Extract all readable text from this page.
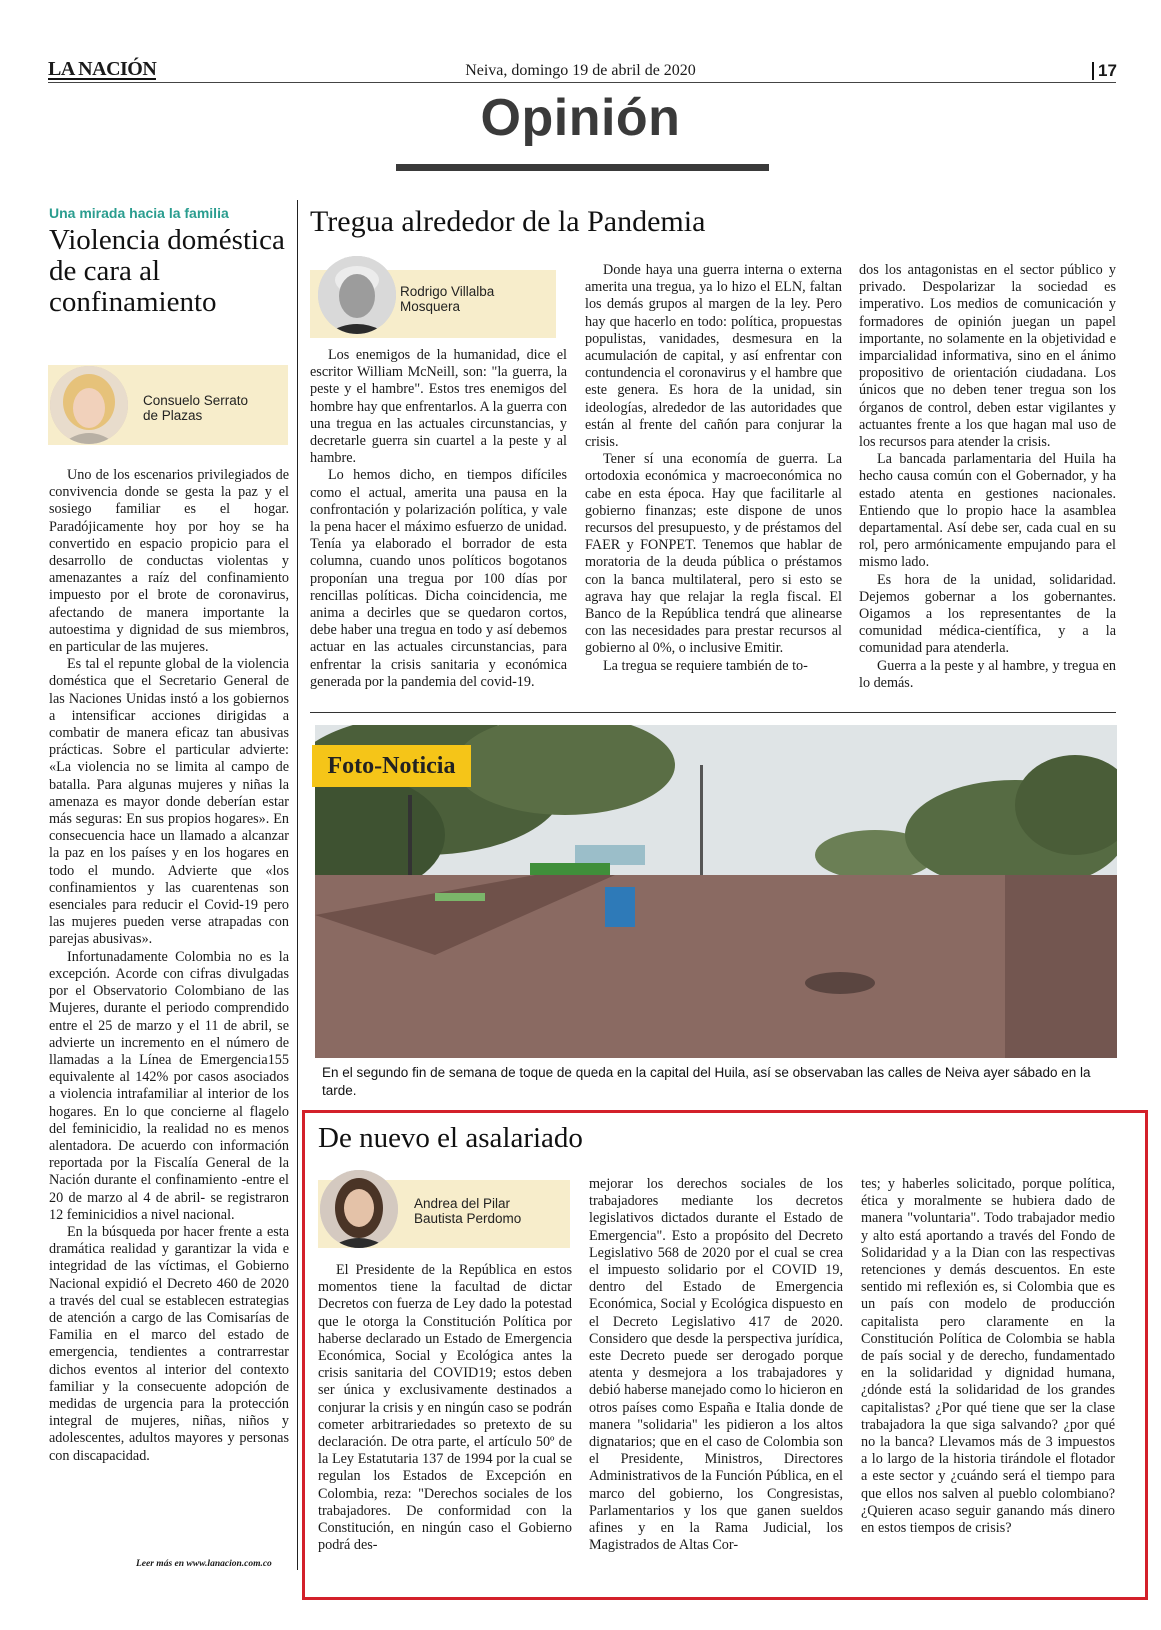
LA NACIÓN	Neiva, domingo 19 de abril de 2020	17
Opinión
Una mirada hacia la familia
Violencia doméstica de cara al confinamiento
Consuelo Serrato
de Plazas

Uno de los escenarios privilegiados de convivencia donde se gesta la paz y el sosiego familiar es el hogar. Paradójicamente hoy por hoy se ha convertido en espacio propicio para el desarrollo de conductas violentas y amenazantes a raíz del confinamiento impuesto por el brote de coronavirus, afectando de manera importante la autoestima y dignidad de sus miembros, en particular de las mujeres.

Es tal el repunte global de la violencia doméstica que el Secretario General de las Naciones Unidas instó a los gobiernos a intensificar acciones dirigidas a combatir de manera eficaz tan abusivas prácticas. Sobre el particular advierte: «La violencia no se limita al campo de batalla. Para algunas mujeres y niñas la amenaza es mayor donde deberían estar más seguras: En sus propios hogares». En consecuencia hace un llamado a alcanzar la paz en los países y en los hogares en todo el mundo. Advierte que «los confinamientos y las cuarentenas son esenciales para reducir el Covid-19 pero las mujeres pueden verse atrapadas con parejas abusivas».

Infortunadamente Colombia no es la excepción. Acorde con cifras divulgadas por el Observatorio Colombiano de las Mujeres, durante el periodo comprendido entre el 25 de marzo y el 11 de abril, se advierte un incremento en el número de llamadas a la Línea de Emergencia155 equivalente al 142% por casos asociados a violencia intrafamiliar al interior de los hogares. En lo que concierne al flagelo del feminicidio, la realidad no es menos alentadora. De acuerdo con información reportada por la Fiscalía General de la Nación durante el confinamiento -entre el 20 de marzo al 4 de abril- se registraron 12 feminicidios a nivel nacional.

En la búsqueda por hacer frente a esta dramática realidad y garantizar la vida e integridad de las víctimas, el Gobierno Nacional expidió el Decreto 460 de 2020 a través del cual se establecen estrategias de atención a cargo de las Comisarías de Familia en el marco del estado de emergencia, tendientes a contrarrestar dichos eventos al interior del contexto familiar y la consecuente adopción de medidas de urgencia para la protección integral de mujeres, niñas, niños y adolescentes, adultos mayores y personas con discapacidad.

Leer más en www.lanacion.com.co
Tregua alrededor de la Pandemia
Rodrigo Villalba
Mosquera

Los enemigos de la humanidad, dice el escritor William McNeill, son: "la guerra, la peste y el hambre". Estos tres enemigos del hombre hay que enfrentarlos. A la guerra con una tregua en las actuales circunstancias, y decretarle guerra sin cuartel a la peste y al hambre.

Lo hemos dicho, en tiempos difíciles como el actual, amerita una pausa en la confrontación y polarización política, y vale la pena hacer el máximo esfuerzo de unidad. Tenía ya elaborado el borrador de esta columna, cuando unos políticos bogotanos proponían una tregua por 100 días por rencillas políticas. Dicha coincidencia, me anima a decirles que se quedaron cortos, debe haber una tregua en todo y así debemos actuar en las actuales circunstancias, para enfrentar la crisis sanitaria y económica generada por la pandemia del covid-19.

Donde haya una guerra interna o externa amerita una tregua, ya lo hizo el ELN, faltan los demás grupos al margen de la ley. Pero hay que hacerlo en todo: política, propuestas populistas, vanidades, desmesura en la acumulación de capital, y así enfrentar con contundencia el coronavirus y el hambre que este genera. Es hora de la unidad, sin ideologías, alrededor de las autoridades que están al frente del cañón para conjurar la crisis.

Tener sí una economía de guerra. La ortodoxia económica y macroeconómica no cabe en esta época. Hay que facilitarle al gobierno finanzas; este dispone de unos recursos del presupuesto, y de préstamos del FAER y FONPET. Tenemos que hablar de moratoria de la deuda pública o préstamos con la banca multilateral, pero si esto se agrava hay que relajar la regla fiscal. El Banco de la República tendrá que alinearse con las necesidades para prestar recursos al gobierno al 0%, o inclusive Emitir.

La tregua se requiere también de to-

dos los antagonistas en el sector público y privado. Despolarizar la sociedad es imperativo. Los medios de comunicación y formadores de opinión juegan un papel importante, no solamente en la objetividad e imparcialidad informativa, sino en el ánimo propositivo de orientación ciudadana. Los únicos que no deben tener tregua son los órganos de control, deben estar vigilantes y actuantes frente a los que hagan mal uso de los recursos para atender la crisis.

La bancada parlamentaria del Huila ha hecho causa común con el Gobernador, y ha estado atenta en gestiones nacionales. Entiendo que lo propio hace la asamblea departamental. Así debe ser, cada cual en su rol, pero armónicamente empujando para el mismo lado.

Es hora de la unidad, solidaridad. Dejemos gobernar a los gobernantes. Oigamos a los representantes de la comunidad médica-científica, y a la comunidad para atenderla.

Guerra a la peste y al hambre, y tregua en lo demás.

Foto-Noticia
En el segundo fin de semana de toque de queda en la capital del Huila, así se observaban las calles de Neiva ayer sábado en la tarde.
De nuevo el asalariado
Andrea del Pilar
Bautista Perdomo

El Presidente de la República en estos momentos tiene la facultad de dictar Decretos con fuerza de Ley dado la potestad que le otorga la Constitución Política por haberse declarado un Estado de Emergencia Económica, Social y Ecológica antes la crisis sanitaria del COVID19; estos deben ser única y exclusivamente destinados a conjurar la crisis y en ningún caso se podrán cometer arbitrariedades so pretexto de su declaración. De otra parte, el artículo 50º de la Ley Estatutaria 137 de 1994 por la cual se regulan los Estados de Excepción en Colombia, reza: "Derechos sociales de los trabajadores. De conformidad con la Constitución, en ningún caso el Gobierno podrá des-

mejorar los derechos sociales de los trabajadores mediante los decretos legislativos dictados durante el Estado de Emergencia". Esto a propósito del Decreto Legislativo 568 de 2020 por el cual se crea el impuesto solidario por el COVID 19, dentro del Estado de Emergencia Económica, Social y Ecológica dispuesto en el Decreto Legislativo 417 de 2020. Considero que desde la perspectiva jurídica, este Decreto puede ser derogado porque atenta y desmejora a los trabajadores y debió haberse manejado como lo hicieron en otros países como España e Italia donde de manera "solidaria" les pidieron a los altos dignatarios; que en el caso de Colombia son el Presidente, Ministros, Directores Administrativos de la Función Pública, en el marco del gobierno, los Congresistas, Parlamentarios y los que ganen sueldos afines y en la Rama Judicial, los Magistrados de Altas Cor-

tes; y haberles solicitado, porque política, ética y moralmente se hubiera dado de manera "voluntaria". Todo trabajador medio y alto está aportando a través del Fondo de Solidaridad y a la Dian con las respectivas retenciones y demás descuentos. En este sentido mi reflexión es, si Colombia que es un país con modelo de producción capitalista pero claramente en la Constitución Política de Colombia se habla de país social y de derecho, fundamentado en la solidaridad y dignidad humana, ¿dónde está la solidaridad de los grandes capitalistas? ¿Por qué tiene que ser la clase trabajadora la que siga salvando? ¿por qué no la banca? Llevamos más de 3 impuestos a lo largo de la historia tirándole el flotador a este sector y ¿cuándo será el tiempo para que ellos nos salven al pueblo colombiano? ¿Quieren acaso seguir ganando más dinero en estos tiempos de crisis?
